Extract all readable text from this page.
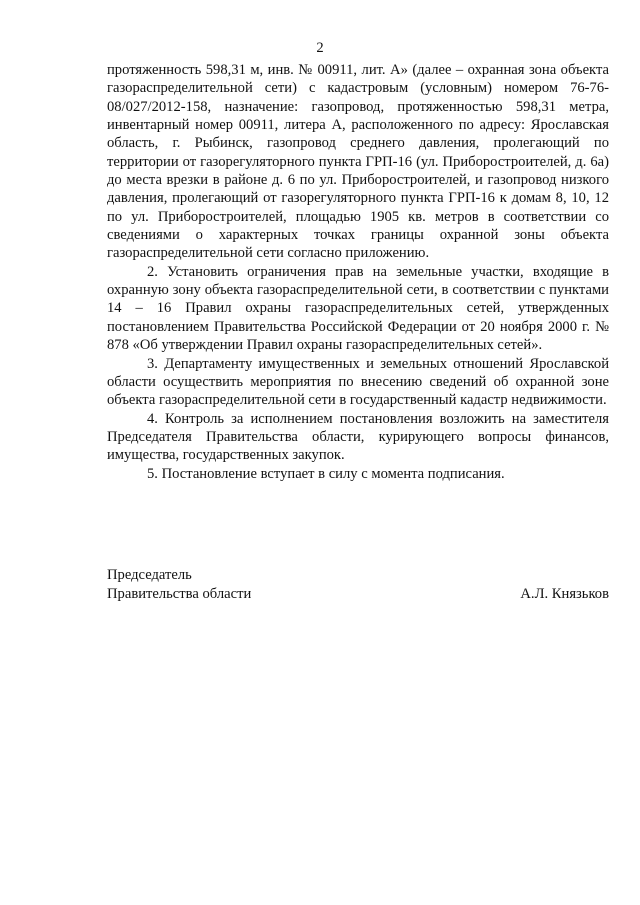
2

протяженность 598,31 м, инв. № 00911, лит. А» (далее – охранная зона объекта газораспределительной сети) с кадастровым (условным) номером 76-76-08/027/2012-158, назначение: газопровод, протяженностью 598,31 метра, инвентарный номер 00911, литера А, расположенного по адресу: Ярославская область, г. Рыбинск, газопровод среднего давления, пролегающий по территории от газорегуляторного пункта ГРП-16 (ул. Приборостроителей, д. 6а) до места врезки в районе д. 6 по ул. Приборостроителей, и газопровод низкого давления, пролегающий от газорегуляторного пункта ГРП-16 к домам 8, 10, 12 по ул. Приборостроителей, площадью 1905 кв. метров в соответствии со сведениями о характерных точках границы охранной зоны объекта газораспределительной сети согласно приложению.

2. Установить ограничения прав на земельные участки, входящие в охранную зону объекта газораспределительной сети, в соответствии с пунктами 14 – 16 Правил охраны газораспределительных сетей, утвержденных постановлением Правительства Российской Федерации от 20 ноября 2000 г. № 878 «Об утверждении Правил охраны газораспределительных сетей».

3. Департаменту имущественных и земельных отношений Ярославской области осуществить мероприятия по внесению сведений об охранной зоне объекта газораспределительной сети в государственный кадастр недвижимости.

4. Контроль за исполнением постановления возложить на заместителя Председателя Правительства области, курирующего вопросы финансов, имущества, государственных закупок.

5. Постановление вступает в силу с момента подписания.

Председатель
Правительства области	А.Л. Князьков
